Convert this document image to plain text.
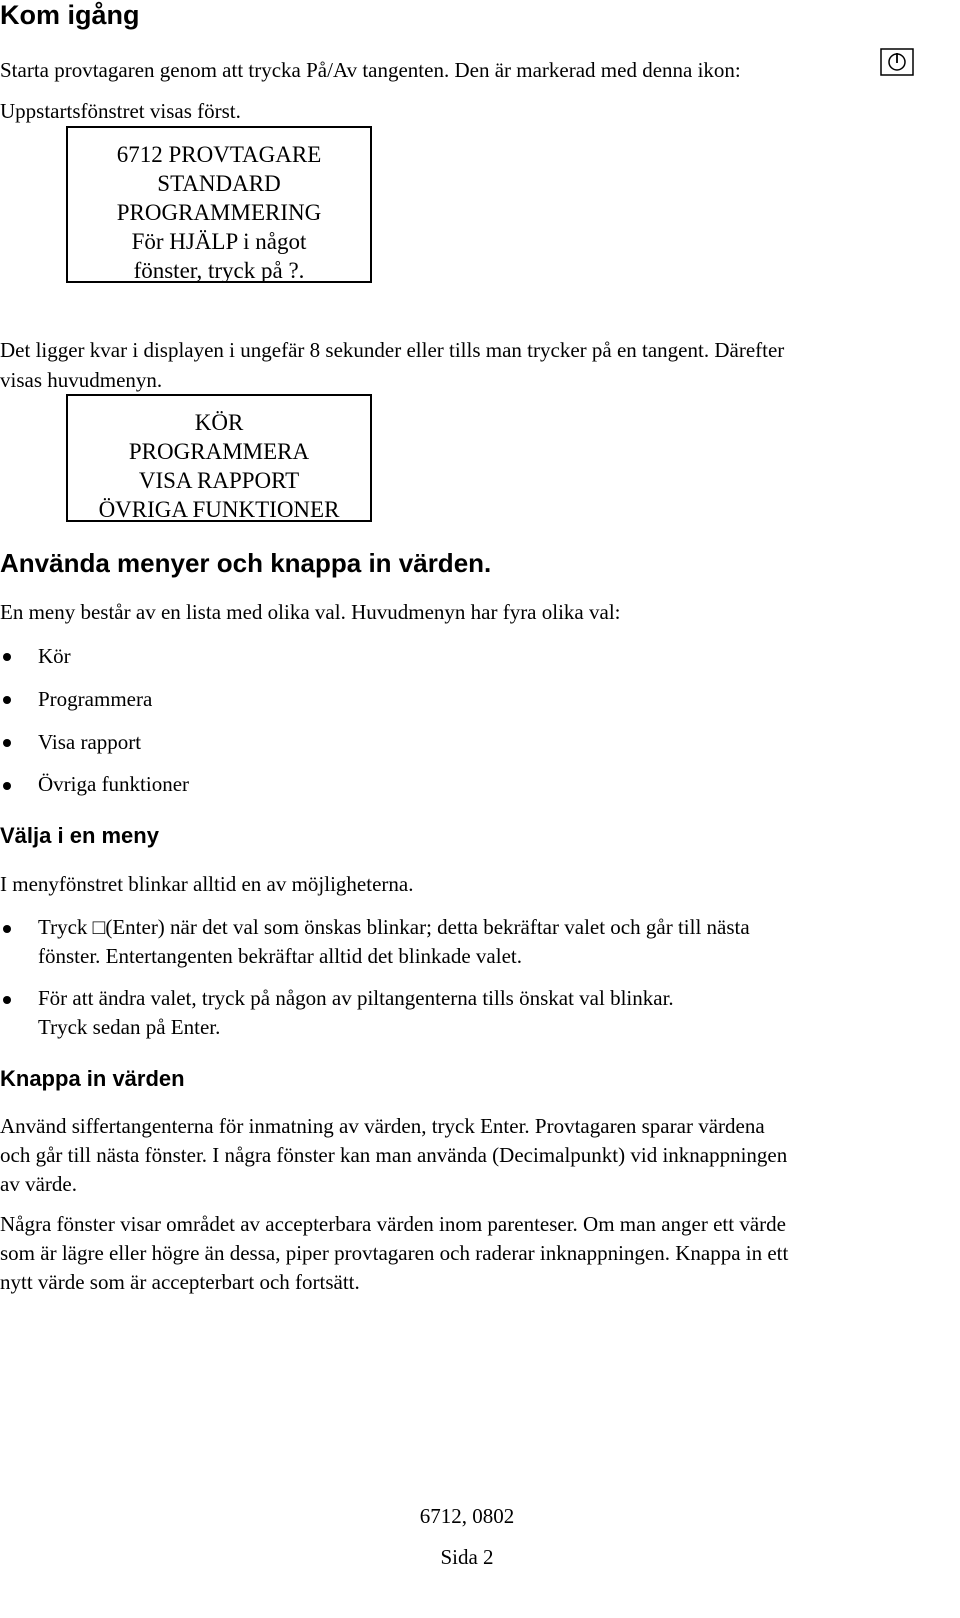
Kom igång
Starta provtagaren genom att trycka På/Av tangenten. Den är markerad med denna ikon:
Uppstartsfönstret visas först.
6712 PROVTAGARE
STANDARD
PROGRAMMERING
För HJÄLP i något
fönster, tryck på ?.
Det ligger kvar i displayen i ungefär 8 sekunder eller tills man trycker på en tangent. Därefter
visas huvudmenyn.
KÖR
PROGRAMMERA
VISA RAPPORT
ÖVRIGA FUNKTIONER
Använda menyer och knappa in värden.
En meny består av en lista med olika val. Huvudmenyn har fyra olika val:
Kör
Programmera
Visa rapport
Övriga funktioner
Välja i en meny
I menyfönstret blinkar alltid en av möjligheterna.
Tryck □(Enter) när det val som önskas blinkar; detta bekräftar valet och går till nästa
fönster. Entertangenten bekräftar alltid det blinkade valet.
För att ändra valet, tryck på någon av piltangenterna tills önskat val blinkar.
Tryck sedan på Enter.
Knappa in värden
Använd siffertangenterna för inmatning av värden, tryck Enter. Provtagaren sparar värdena
och går till nästa fönster. I några fönster kan man använda (Decimalpunkt) vid inknappningen
av värde.
Några fönster visar området av accepterbara värden inom parenteser. Om man anger ett värde
som är lägre eller högre än dessa, piper provtagaren och raderar inknappningen. Knappa in ett
nytt värde som är accepterbart och fortsätt.
6712, 0802
Sida 2
